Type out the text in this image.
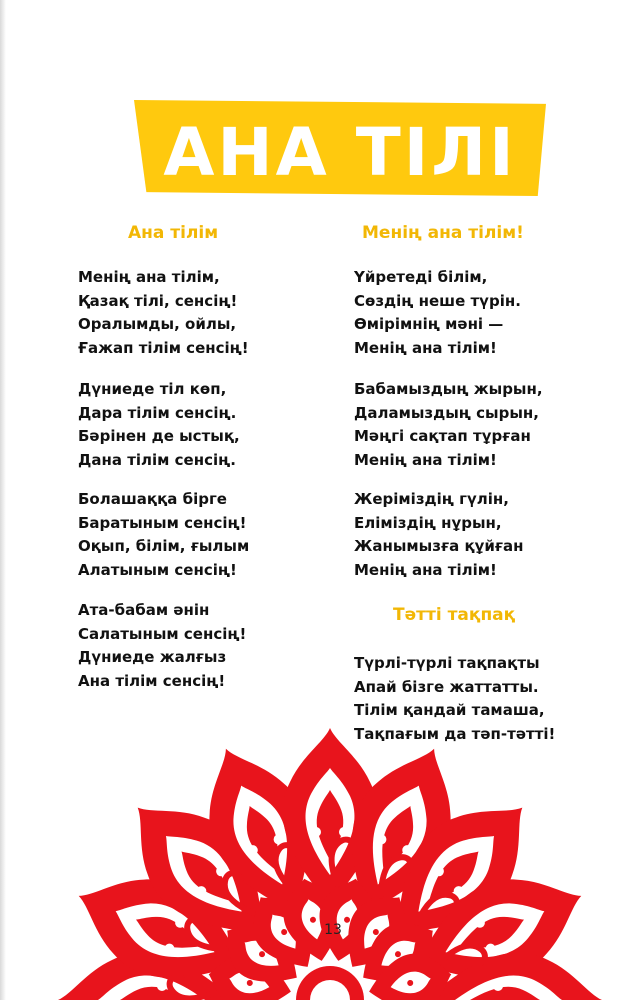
АНА ТІЛІ
Ана тілім
Менің ана тілім,
Қазақ тілі, сенсің!
Оралымды, ойлы,
Ғажап тілім сенсің!
Дүниеде тіл көп,
Дара тілім сенсің.
Бәрінен де ыстық,
Дана тілім сенсің.
Болашаққа бірге
Баратыным сенсің!
Оқып, білім, ғылым
Алатыным сенсің!
Ата-бабам әнін
Салатыным сенсің!
Дүниеде жалғыз
Ана тілім сенсің!
Менің ана тілім!
Үйретеді білім,
Сөздің неше түрін.
Өмірімнің мәні —
Менің ана тілім!
Бабамыздың жырын,
Даламыздың сырын,
Мәңгі сақтап тұрған
Менің ана тілім!
Жеріміздің гүлін,
Еліміздің нұрын,
Жанымызға құйған
Менің ана тілім!
Тәтті тақпақ
Түрлі-түрлі тақпақты
Апай бізге жаттатты.
Тілім қандай тамаша,
Тақпағым да тәп-тәтті!
13
